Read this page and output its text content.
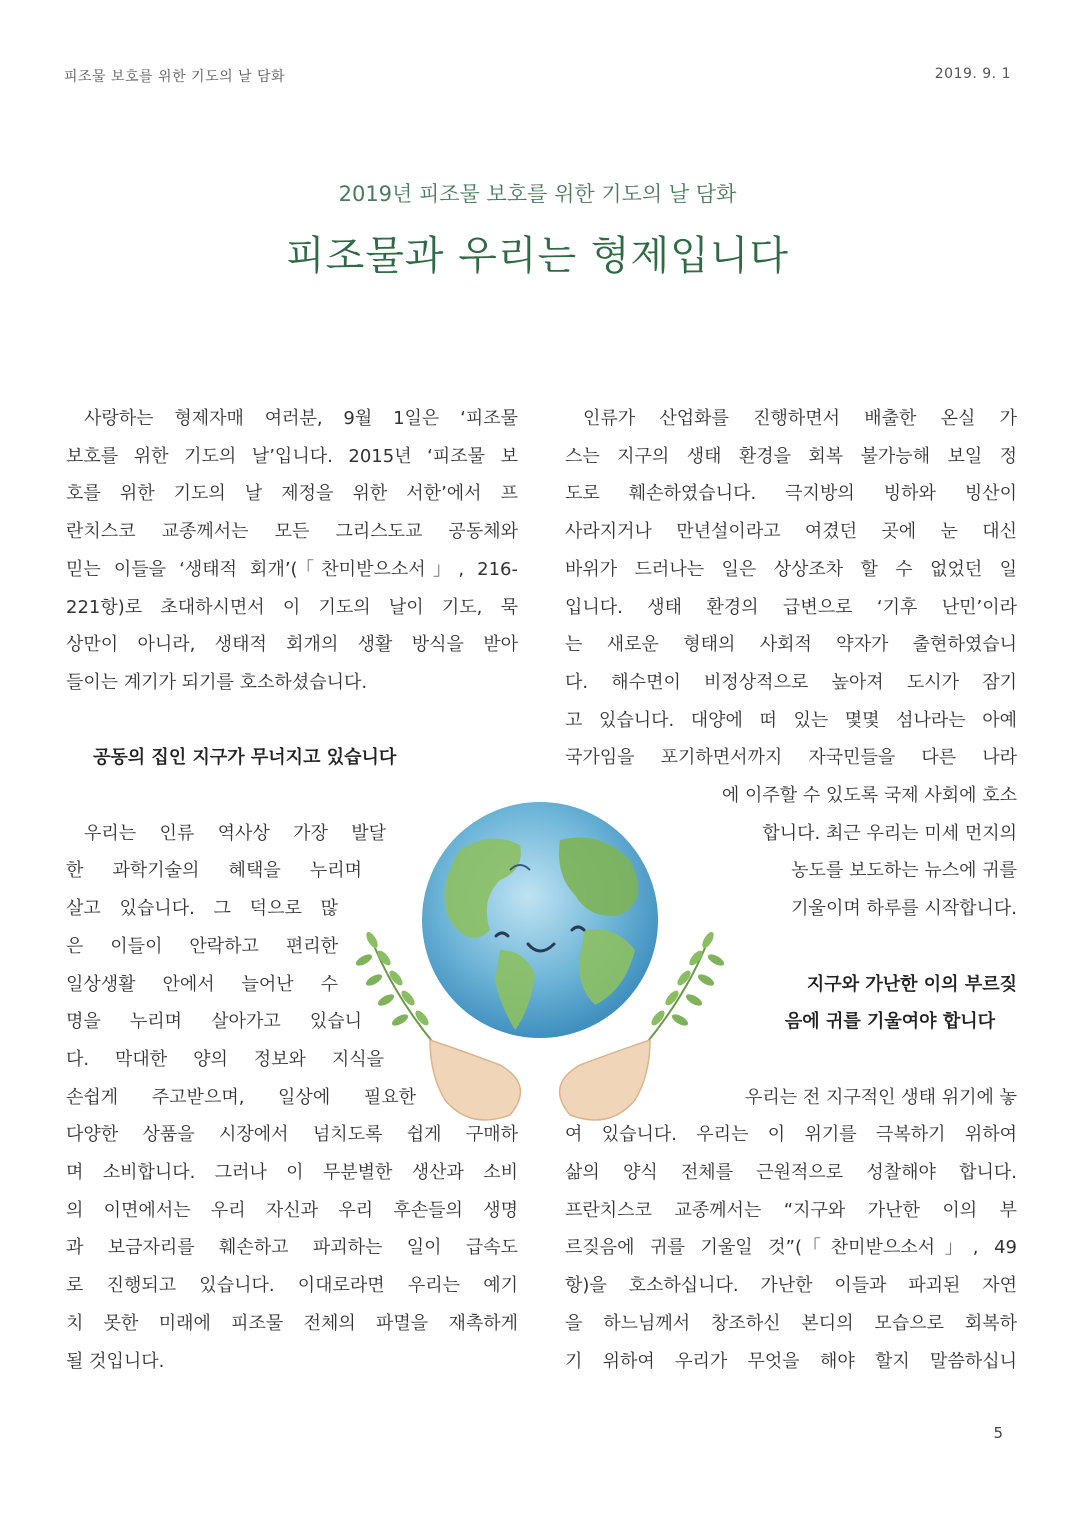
피조물 보호를 위한 기도의 날 담화	2019. 9. 1
2019년 피조물 보호를 위한 기도의 날 담화
피조물과 우리는 형제입니다

사랑하는 형제자매 여러분, 9월 1일은 ‘피조물

보호를 위한 기도의 날’입니다. 2015년 ‘피조물 보

호를 위한 기도의 날 제정을 위한 서한’에서 프

란치스코 교종께서는 모든 그리스도교 공동체와

믿는 이들을 ‘생태적 회개’(「찬미받으소서」, 216-

221항)로 초대하시면서 이 기도의 날이 기도, 묵

상만이 아니라, 생태적 회개의 생활 방식을 받아

들이는 계기가 되기를 호소하셨습니다.

공동의 집인 지구가 무너지고 있습니다

우리는 인류 역사상 가장 발달

한 과학기술의 혜택을 누리며

살고 있습니다. 그 덕으로 많

은 이들이 안락하고 편리한

일상생활 안에서 늘어난 수

명을 누리며 살아가고 있습니

다. 막대한 양의 정보와 지식을

손쉽게 주고받으며, 일상에 필요한

다양한 상품을 시장에서 넘치도록 쉽게 구매하

며 소비합니다. 그러나 이 무분별한 생산과 소비

의 이면에서는 우리 자신과 우리 후손들의 생명

과 보금자리를 훼손하고 파괴하는 일이 급속도

로 진행되고 있습니다. 이대로라면 우리는 예기

치 못한 미래에 피조물 전체의 파멸을 재촉하게

될 것입니다.

인류가 산업화를 진행하면서 배출한 온실 가

스는 지구의 생태 환경을 회복 불가능해 보일 정

도로 훼손하였습니다. 극지방의 빙하와 빙산이

사라지거나 만년설이라고 여겼던 곳에 눈 대신

바위가 드러나는 일은 상상조차 할 수 없었던 일

입니다. 생태 환경의 급변으로 ‘기후 난민’이라

는 새로운 형태의 사회적 약자가 출현하였습니

다. 해수면이 비정상적으로 높아져 도시가 잠기

고 있습니다. 대양에 떠 있는 몇몇 섬나라는 아예

국가임을 포기하면서까지 자국민들을 다른 나라

에 이주할 수 있도록 국제 사회에 호소

합니다. 최근 우리는 미세 먼지의

농도를 보도하는 뉴스에 귀를

기울이며 하루를 시작합니다.

지구와 가난한 이의 부르짖

음에 귀를 기울여야 합니다

우리는 전 지구적인 생태 위기에 놓

여 있습니다. 우리는 이 위기를 극복하기 위하여

삶의 양식 전체를 근원적으로 성찰해야 합니다.

프란치스코 교종께서는 “지구와 가난한 이의 부

르짖음에 귀를 기울일 것”(「찬미받으소서」, 49

항)을 호소하십니다. 가난한 이들과 파괴된 자연

을 하느님께서 창조하신 본디의 모습으로 회복하

기 위하여 우리가 무엇을 해야 할지 말씀하십니

5
